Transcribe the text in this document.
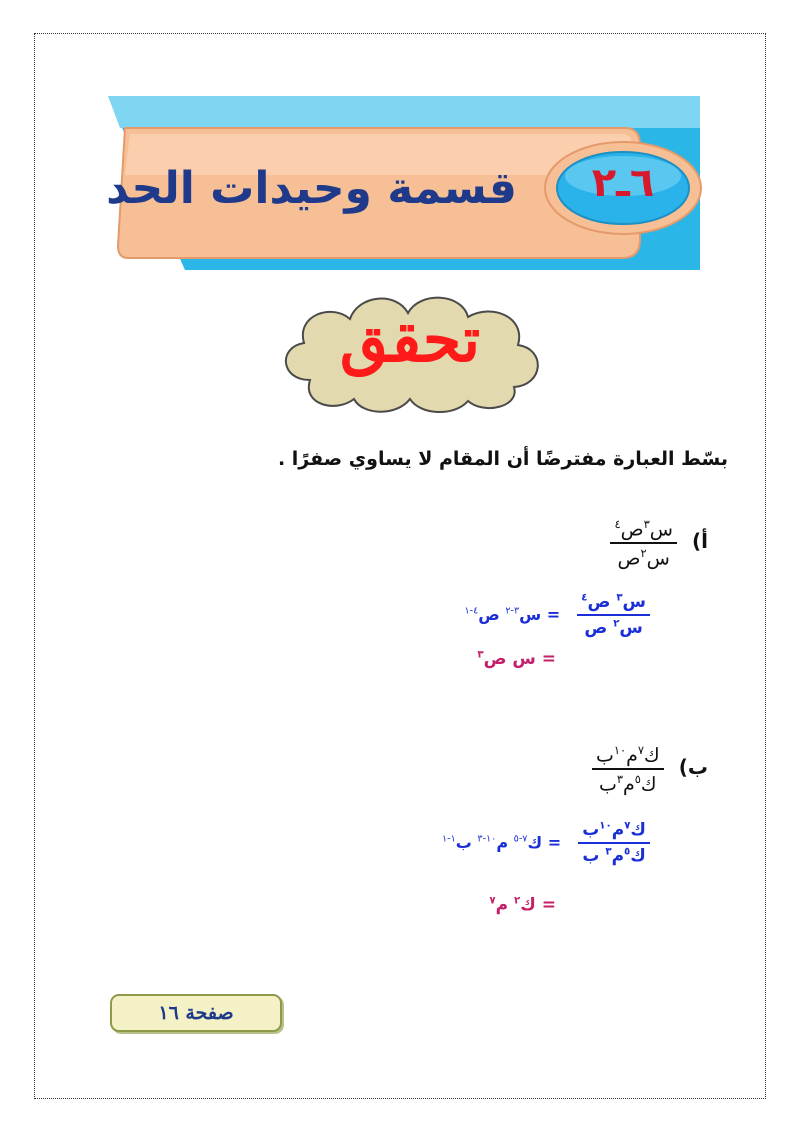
٦ـ٢
قسمة وحيدات الحد
تحقق
بسّط العبارة مفترضًا أن المقام لا يساوي صفرًا .
أ)
$\frac{س^٣ص^٤}{س^٢ص}$
$\frac{س^٣ ص^٤}{س^٢ ص}$
= س$^{٣-٢}$ ص$^{٤-١}$
= س ص$^٣$
ب)
$\frac{ك^٧م^{١٠}ب}{ك^٥م^٣ب}$
$\frac{ك^٧م^{١٠}ب}{ك^٥م^٣ ب}$
= ك$^{٧-٥}$ م$^{١٠-٣}$ ب$^{١-١}$
= ك$^٢$ م$^٧$
صفحة ١٦
